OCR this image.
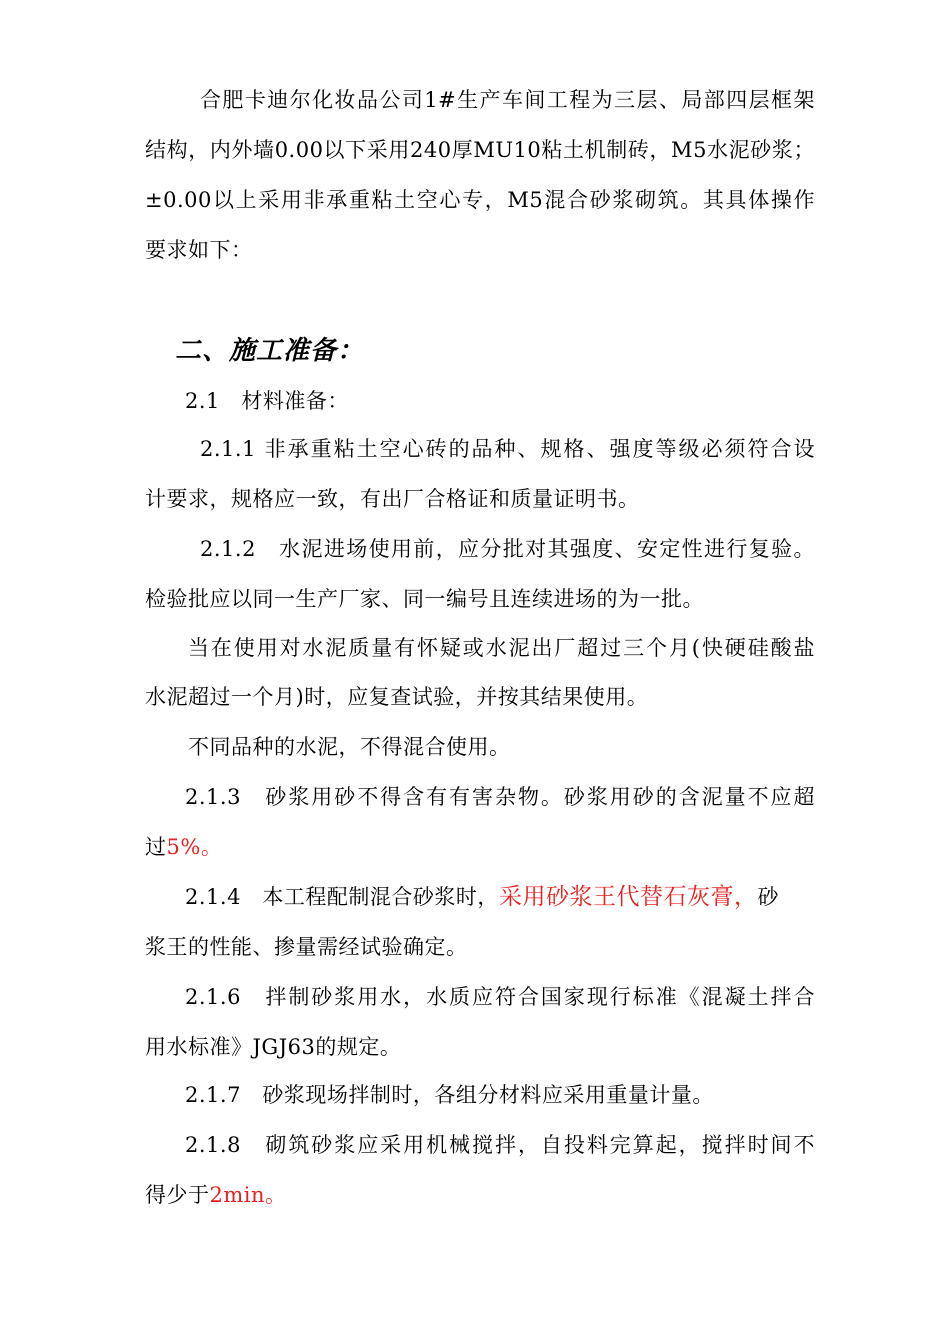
合肥卡迪尔化妆品公司1#生产车间工程为三层、局部四层框架
结构，内外墙0.00以下采用240厚MU10粘土机制砖，M5水泥砂浆；
±0.00以上采用非承重粘土空心专，M5混合砂浆砌筑。其具体操作
要求如下：
二、施工准备：
2.1　材料准备：
2.1.1 非承重粘土空心砖的品种、规格、强度等级必须符合设
计要求，规格应一致，有出厂合格证和质量证明书。
2.1.2　水泥进场使用前，应分批对其强度、安定性进行复验。
检验批应以同一生产厂家、同一编号且连续进场的为一批。
当在使用对水泥质量有怀疑或水泥出厂超过三个月(快硬硅酸盐
水泥超过一个月)时，应复查试验，并按其结果使用。
不同品种的水泥，不得混合使用。
2.1.3　砂浆用砂不得含有有害杂物。砂浆用砂的含泥量不应超
过5%。
2.1.4　本工程配制混合砂浆时，采用砂浆王代替石灰膏，砂
浆王的性能、掺量需经试验确定。
2.1.6　拌制砂浆用水，水质应符合国家现行标准《混凝土拌合
用水标准》JGJ63的规定。
2.1.7　砂浆现场拌制时，各组分材料应采用重量计量。
2.1.8　砌筑砂浆应采用机械搅拌，自投料完算起，搅拌时间不
得少于2min。
